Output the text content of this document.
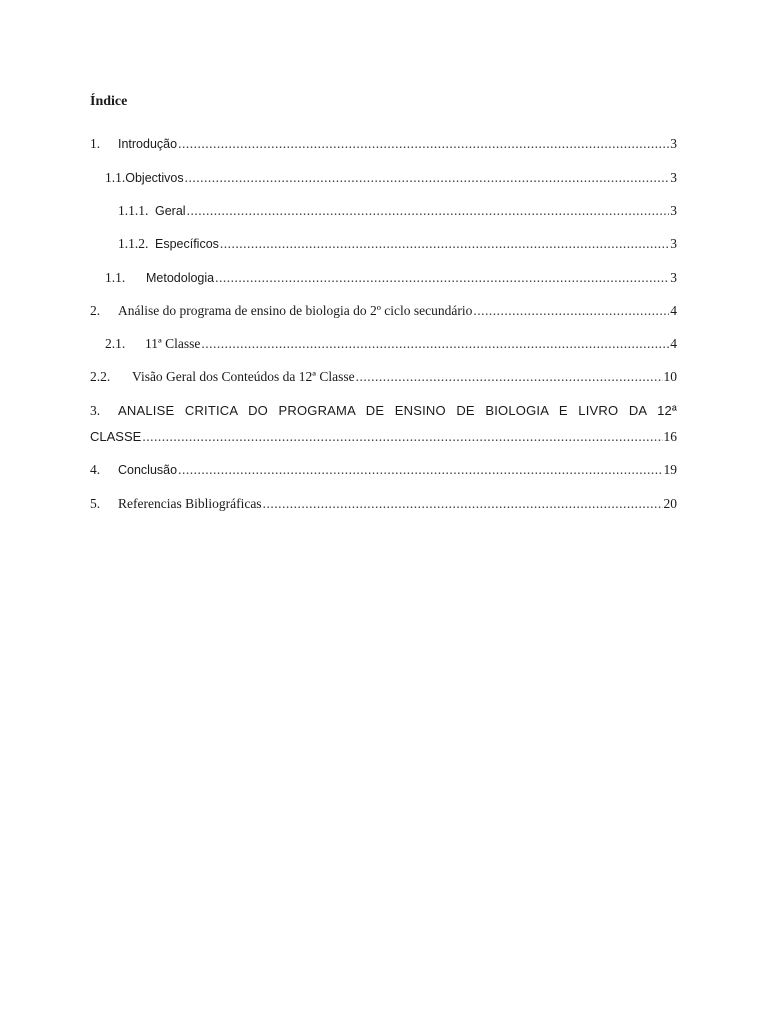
Índice
1.	Introdução .....	3
1.1. Objectivos .....	3
1.1.1. Geral .....	3
1.1.2. Específicos .....	3
1.1.	Metodologia .....	3
2.	Análise do programa de ensino de biologia do 2º ciclo secundário .....	4
2.1.	11ª Classe .....	4
2.2.	Visão Geral dos Conteúdos da 12ª Classe .....	10
3.	ANALISE CRITICA DO PROGRAMA DE ENSINO DE BIOLOGIA E LIVRO DA 12ª
CLASSE .....	16
4.	Conclusão .....	19
5.	Referencias Bibliográficas .....	20
